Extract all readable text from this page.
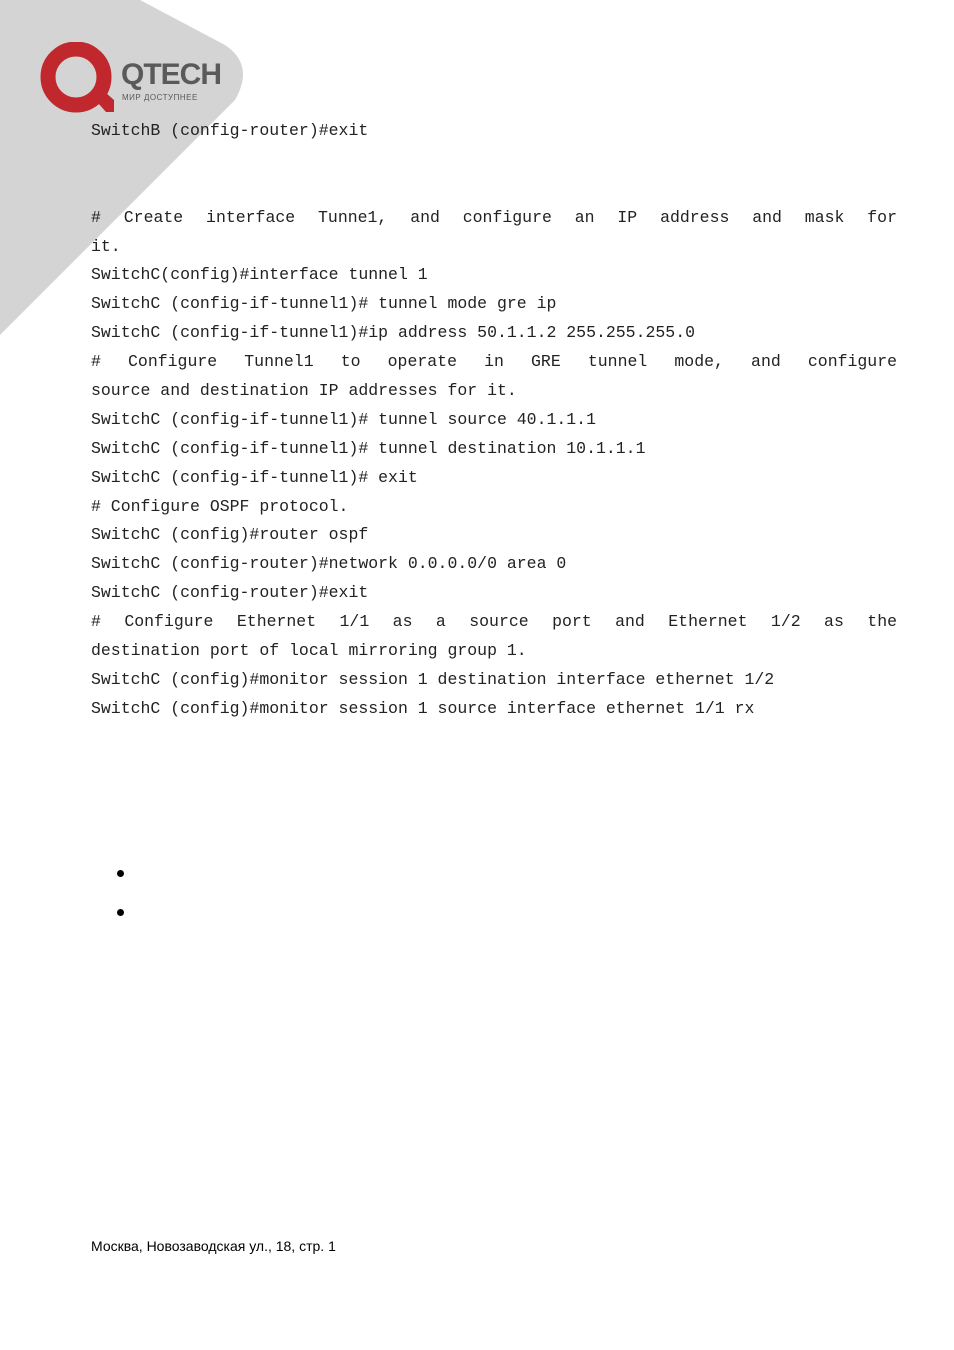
QTECH
МИР ДОСТУПНЕЕ
SwitchB (config-router)#exit
# Create interface Tunne1, and configure an IP address and mask for
it.
SwitchC(config)#interface tunnel 1
SwitchC (config-if-tunnel1)# tunnel mode gre ip
SwitchC (config-if-tunnel1)#ip address 50.1.1.2 255.255.255.0
# Configure Tunnel1 to operate in GRE tunnel mode, and configure
source and destination IP addresses for it.
SwitchC (config-if-tunnel1)# tunnel source 40.1.1.1
SwitchC (config-if-tunnel1)# tunnel destination 10.1.1.1
SwitchC (config-if-tunnel1)# exit
# Configure OSPF protocol.
SwitchC (config)#router ospf
SwitchC (config-router)#network 0.0.0.0/0 area 0
SwitchC (config-router)#exit
# Configure Ethernet 1/1 as a source port and Ethernet 1/2 as the
destination port of local mirroring group 1.
SwitchC (config)#monitor session 1 destination interface ethernet 1/2
SwitchC (config)#monitor session 1 source interface ethernet 1/1 rx
Москва, Новозаводская ул., 18, стр. 1
